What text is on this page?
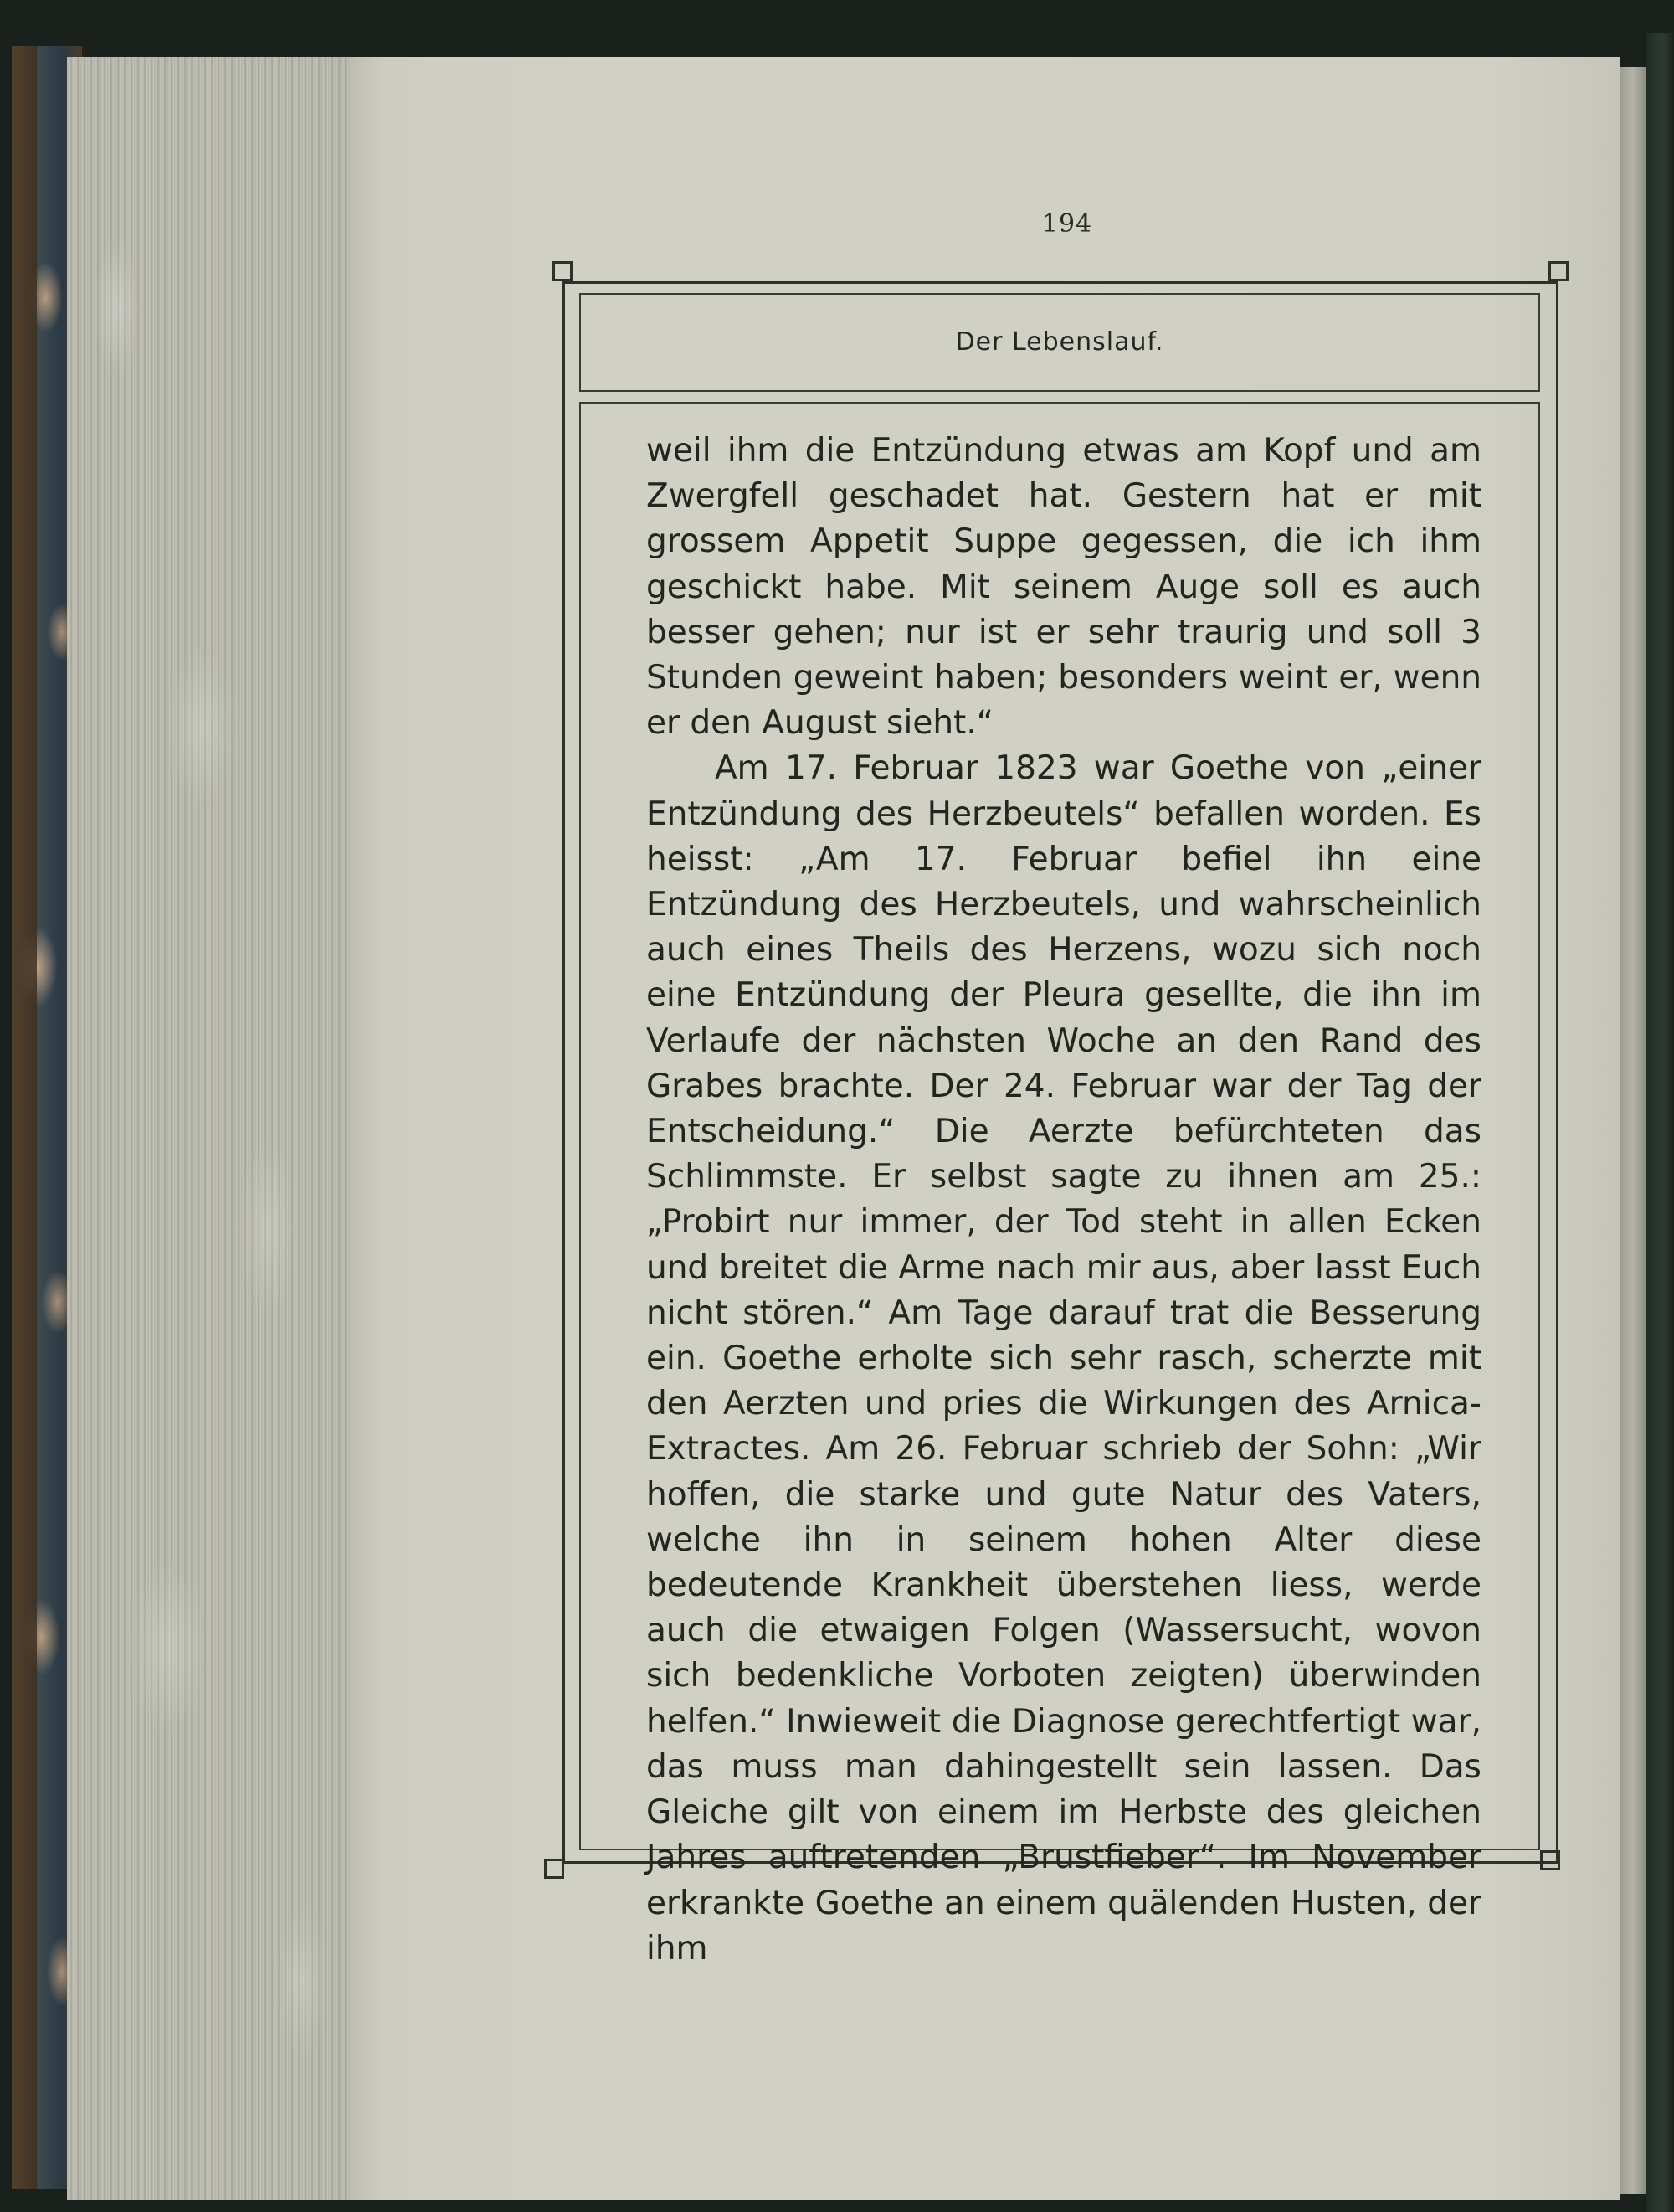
194
Der Lebenslauf.

weil ihm die Entzündung etwas am Kopf und am Zwergfell geschadet hat. Gestern hat er mit grossem Appetit Suppe gegessen, die ich ihm geschickt habe. Mit seinem Auge soll es auch besser gehen; nur ist er sehr traurig und soll 3 Stunden geweint haben; besonders weint er, wenn er den August sieht.“

Am 17. Februar 1823 war Goethe von „einer Entzündung des Herzbeutels“ befallen worden. Es heisst: „Am 17. Februar befiel ihn eine Entzündung des Herzbeutels, und wahrscheinlich auch eines Theils des Herzens, wozu sich noch eine Entzündung der Pleura gesellte, die ihn im Verlaufe der nächsten Woche an den Rand des Grabes brachte. Der 24. Februar war der Tag der Entscheidung.“ Die Aerzte befürchteten das Schlimmste. Er selbst sagte zu ihnen am 25.: „Probirt nur immer, der Tod steht in allen Ecken und breitet die Arme nach mir aus, aber lasst Euch nicht stören.“ Am Tage darauf trat die Besserung ein. Goethe erholte sich sehr rasch, scherzte mit den Aerzten und pries die Wirkungen des Arnica-Extractes. Am 26. Februar schrieb der Sohn: „Wir hoffen, die starke und gute Natur des Vaters, welche ihn in seinem hohen Alter diese bedeutende Krankheit überstehen liess, werde auch die etwaigen Folgen (Wassersucht, wovon sich bedenkliche Vorboten zeigten) überwinden helfen.“ Inwieweit die Diagnose gerechtfertigt war, das muss man dahingestellt sein lassen. Das Gleiche gilt von einem im Herbste des gleichen Jahres auftretenden „Brustfieber“. Im November erkrankte Goethe an einem quälenden Husten, der ihm
